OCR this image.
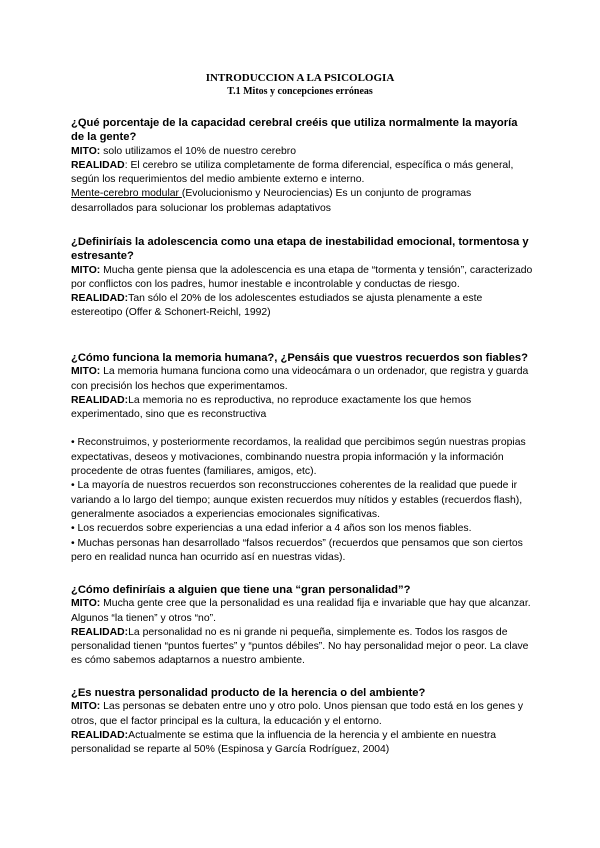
INTRODUCCION A LA PSICOLOGIA
T.1 Mitos y concepciones erróneas

¿Qué porcentaje de la capacidad cerebral creéis que utiliza normalmente la mayoría de la gente?

MITO: solo utilizamos el 10% de nuestro cerebro

REALIDAD: El cerebro se utiliza completamente de forma diferencial, específica o más general, según los requerimientos del medio ambiente externo e interno.

Mente-cerebro modular (Evolucionismo y Neurociencias) Es un conjunto de programas desarrollados para solucionar los problemas adaptativos

¿Definiríais la adolescencia como una etapa de inestabilidad emocional, tormentosa y estresante?

MITO: Mucha gente piensa que la adolescencia es una etapa de “tormenta y tensión”, caracterizado por conflictos con los padres, humor inestable e incontrolable y conductas de riesgo.

REALIDAD:Tan sólo el 20% de los adolescentes estudiados se ajusta plenamente a este estereotipo (Offer & Schonert-Reichl, 1992)

¿Cómo funciona la memoria humana?, ¿Pensáis que vuestros recuerdos son fiables?

MITO: La memoria humana funciona como una videocámara o un ordenador, que registra y guarda con precisión los hechos que experimentamos.

REALIDAD:La memoria no es reproductiva, no reproduce exactamente los que hemos experimentado, sino que es reconstructiva

• Reconstruimos, y posteriormente recordamos, la realidad que percibimos según nuestras propias expectativas, deseos y motivaciones, combinando nuestra propia información y la información procedente de otras fuentes (familiares, amigos, etc).

• La mayoría de nuestros recuerdos son reconstrucciones coherentes de la realidad que puede ir variando a lo largo del tiempo; aunque existen recuerdos muy nítidos y estables (recuerdos flash), generalmente asociados a experiencias emocionales significativas.

• Los recuerdos sobre experiencias a una edad inferior a 4 años son los menos fiables.

• Muchas personas han desarrollado “falsos recuerdos” (recuerdos que pensamos que son ciertos pero en realidad nunca han ocurrido así en nuestras vidas).

¿Cómo definiríais a alguien que tiene una “gran personalidad”?

MITO: Mucha gente cree que la personalidad es una realidad fija e invariable que hay que alcanzar. Algunos “la tienen” y otros “no”.

REALIDAD:La personalidad no es ni grande ni pequeña, simplemente es. Todos los rasgos de personalidad tienen “puntos fuertes” y “puntos débiles”. No hay personalidad mejor o peor. La clave es cómo sabemos adaptarnos a nuestro ambiente.

¿Es nuestra personalidad producto de la herencia o del ambiente?

MITO: Las personas se debaten entre uno y otro polo. Unos piensan que todo está en los genes y otros, que el factor principal es la cultura, la educación y el entorno.

REALIDAD:Actualmente se estima que la influencia de la herencia y el ambiente en nuestra personalidad se reparte al 50% (Espinosa y García Rodríguez, 2004)
